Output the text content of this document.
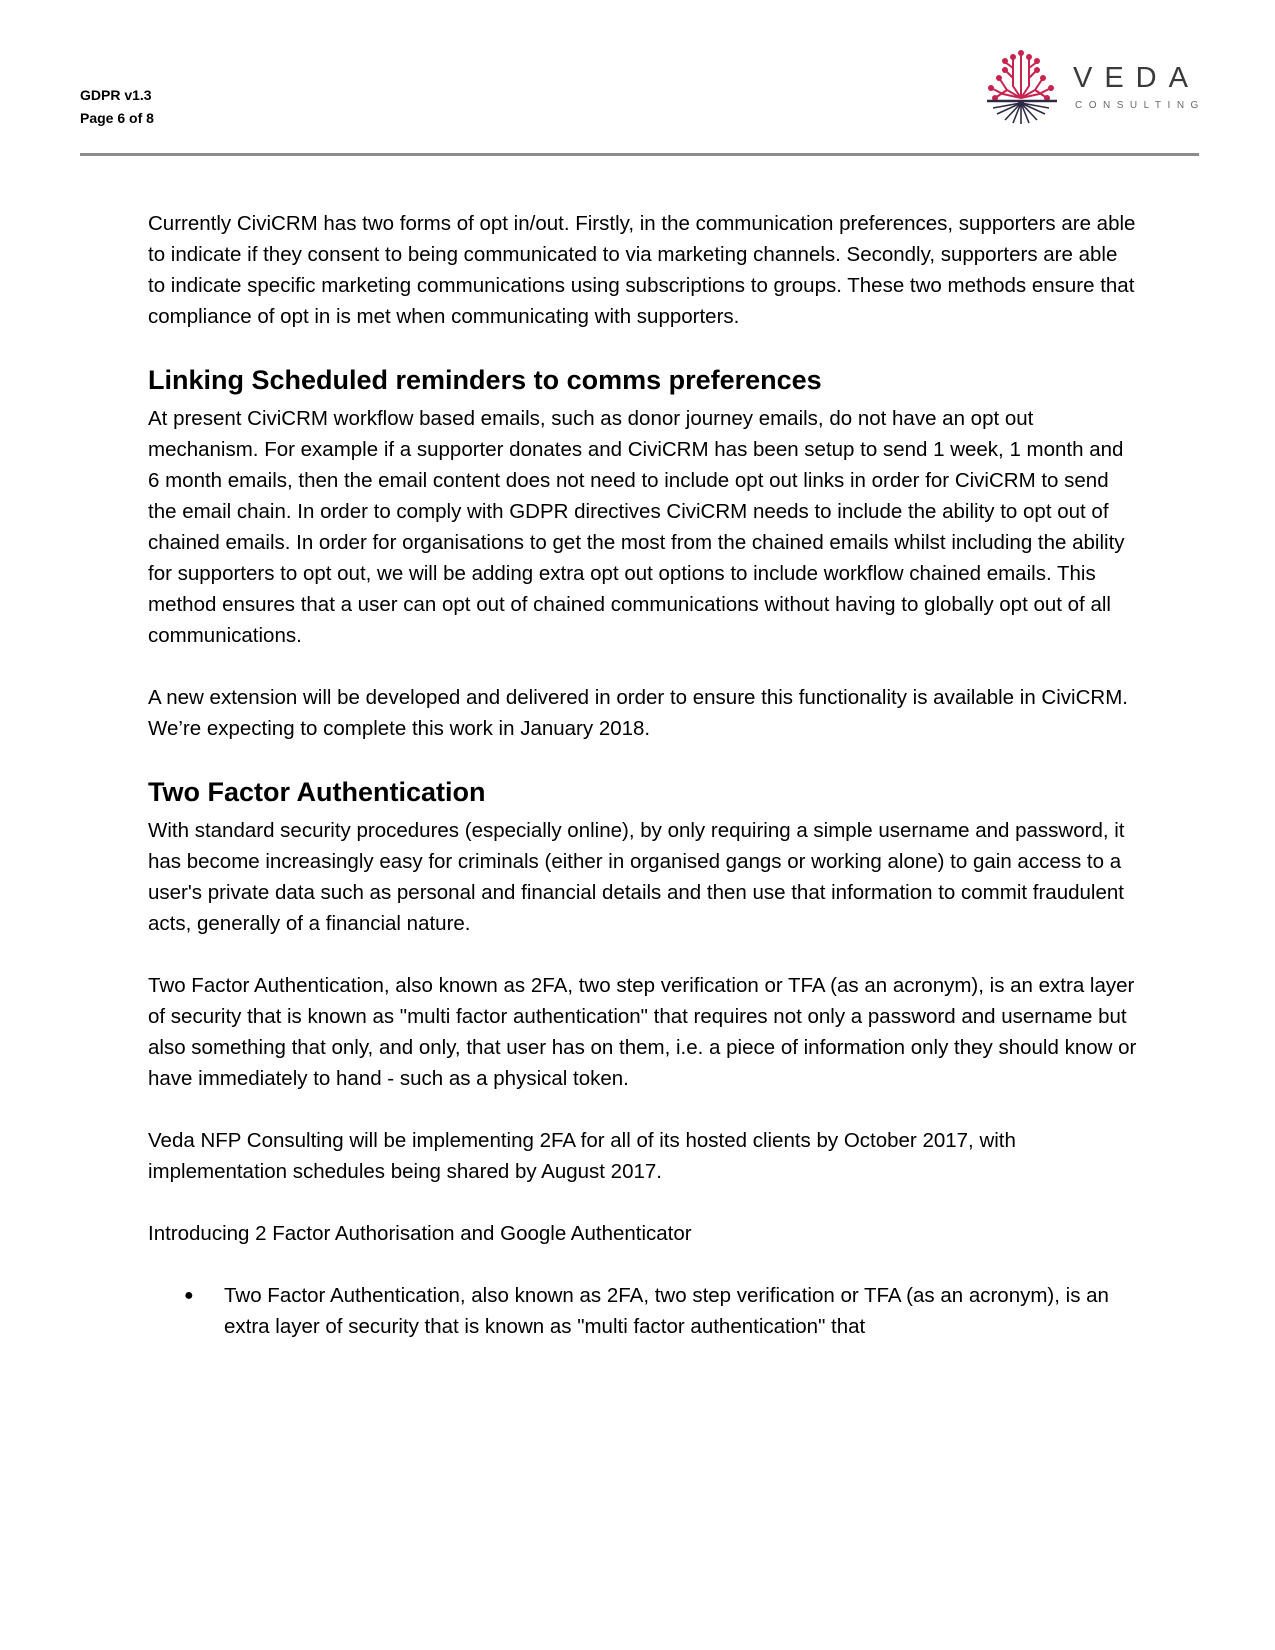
GDPR v1.3
Page 6 of 8
VEDA
CONSULTING

Currently CiviCRM has two forms of opt in/out. Firstly, in the communication preferences, supporters are able to indicate if they consent to being communicated to via marketing channels. Secondly, supporters are able to indicate specific marketing communications using subscriptions to groups. These two methods ensure that compliance of opt in is met when communicating with supporters.

Linking Scheduled reminders to comms preferences

At present CiviCRM workflow based emails, such as donor journey emails, do not have an opt out mechanism. For example if a supporter donates and CiviCRM has been setup to send 1 week, 1 month and 6 month emails, then the email content does not need to include opt out links in order for CiviCRM to send the email chain. In order to comply with GDPR directives CiviCRM needs to include the ability to opt out of chained emails. In order for organisations to get the most from the chained emails whilst including the ability for supporters to opt out, we will be adding extra opt out options to include workflow chained emails. This method ensures that a user can opt out of chained communications without having to globally opt out of all communications.

A new extension will be developed and delivered in order to ensure this functionality is available in CiviCRM. We’re expecting to complete this work in January 2018.

Two Factor Authentication

With standard security procedures (especially online), by only requiring a simple username and password, it has become increasingly easy for criminals (either in organised gangs or working alone) to gain access to a user's private data such as personal and financial details and then use that information to commit fraudulent acts, generally of a financial nature.

Two Factor Authentication, also known as 2FA, two step verification or TFA (as an acronym), is an extra layer of security that is known as "multi factor authentication" that requires not only a password and username but also something that only, and only, that user has on them, i.e. a piece of information only they should know or have immediately to hand - such as a physical token.

Veda NFP Consulting will be implementing 2FA for all of its hosted clients by October 2017, with implementation schedules being shared by August 2017.

Introducing 2 Factor Authorisation and Google Authenticator

● Two Factor Authentication, also known as 2FA, two step verification or TFA (as an acronym), is an extra layer of security that is known as "multi factor authentication" that
